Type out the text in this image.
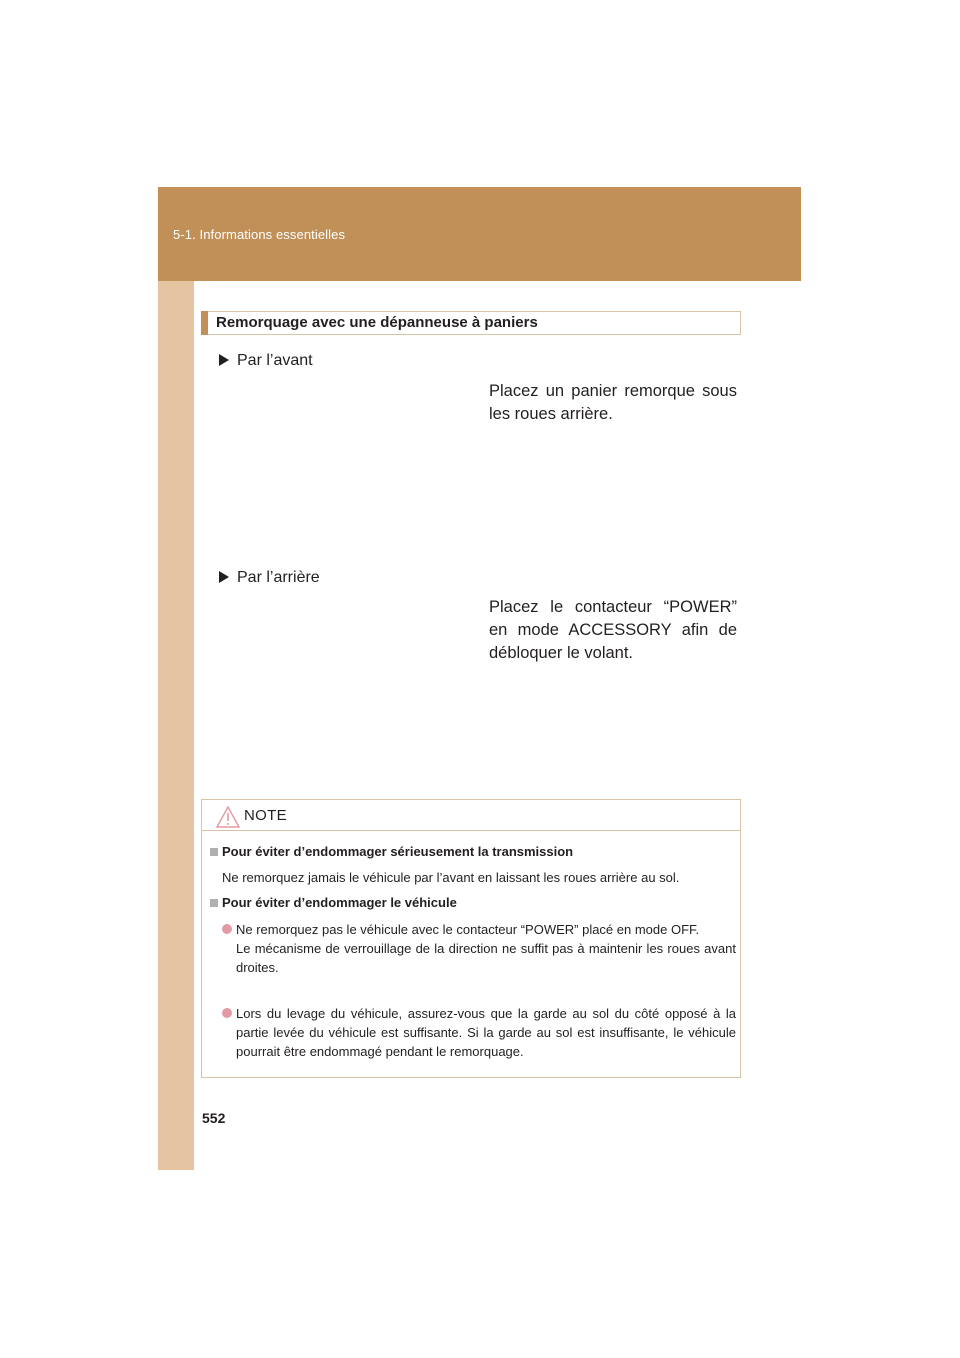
5-1. Informations essentielles
Remorquage avec une dépanneuse à paniers
Par l’avant
Placez un panier remorque sous les roues arrière.
Par l’arrière
Placez le contacteur “POWER” en mode ACCESSORY afin de débloquer le volant.
NOTE
Pour éviter d’endommager sérieusement la transmission
Ne remorquez jamais le véhicule par l’avant en laissant les roues arrière au sol.
Pour éviter d’endommager le véhicule
Ne remorquez pas le véhicule avec le contacteur “POWER” placé en mode OFF.
Le mécanisme de verrouillage de la direction ne suffit pas à maintenir les roues avant droites.
Lors du levage du véhicule, assurez-vous que la garde au sol du côté opposé à la partie levée du véhicule est suffisante. Si la garde au sol est insuffisante, le véhicule pourrait être endommagé pendant le remorquage.
552
